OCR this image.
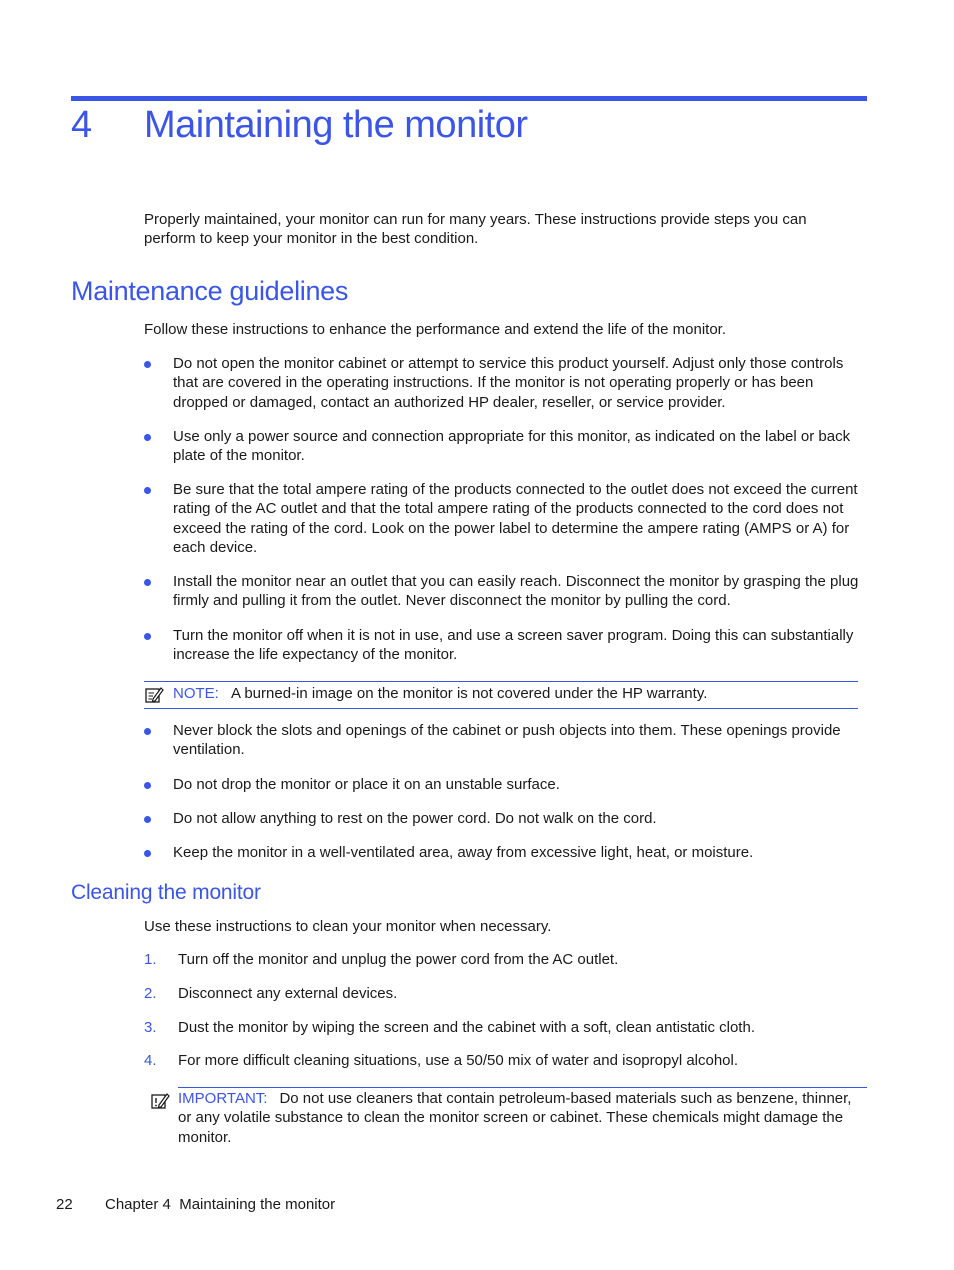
4 Maintaining the monitor
Properly maintained, your monitor can run for many years. These instructions provide steps you can perform to keep your monitor in the best condition.
Maintenance guidelines
Follow these instructions to enhance the performance and extend the life of the monitor.
Do not open the monitor cabinet or attempt to service this product yourself. Adjust only those controls that are covered in the operating instructions. If the monitor is not operating properly or has been dropped or damaged, contact an authorized HP dealer, reseller, or service provider.
Use only a power source and connection appropriate for this monitor, as indicated on the label or back plate of the monitor.
Be sure that the total ampere rating of the products connected to the outlet does not exceed the current rating of the AC outlet and that the total ampere rating of the products connected to the cord does not exceed the rating of the cord. Look on the power label to determine the ampere rating (AMPS or A) for each device.
Install the monitor near an outlet that you can easily reach. Disconnect the monitor by grasping the plug firmly and pulling it from the outlet. Never disconnect the monitor by pulling the cord.
Turn the monitor off when it is not in use, and use a screen saver program. Doing this can substantially increase the life expectancy of the monitor.
NOTE: A burned-in image on the monitor is not covered under the HP warranty.
Never block the slots and openings of the cabinet or push objects into them. These openings provide ventilation.
Do not drop the monitor or place it on an unstable surface.
Do not allow anything to rest on the power cord. Do not walk on the cord.
Keep the monitor in a well-ventilated area, away from excessive light, heat, or moisture.
Cleaning the monitor
Use these instructions to clean your monitor when necessary.
1. Turn off the monitor and unplug the power cord from the AC outlet.
2. Disconnect any external devices.
3. Dust the monitor by wiping the screen and the cabinet with a soft, clean antistatic cloth.
4. For more difficult cleaning situations, use a 50/50 mix of water and isopropyl alcohol.
IMPORTANT: Do not use cleaners that contain petroleum-based materials such as benzene, thinner, or any volatile substance to clean the monitor screen or cabinet. These chemicals might damage the monitor.
22 Chapter 4  Maintaining the monitor
